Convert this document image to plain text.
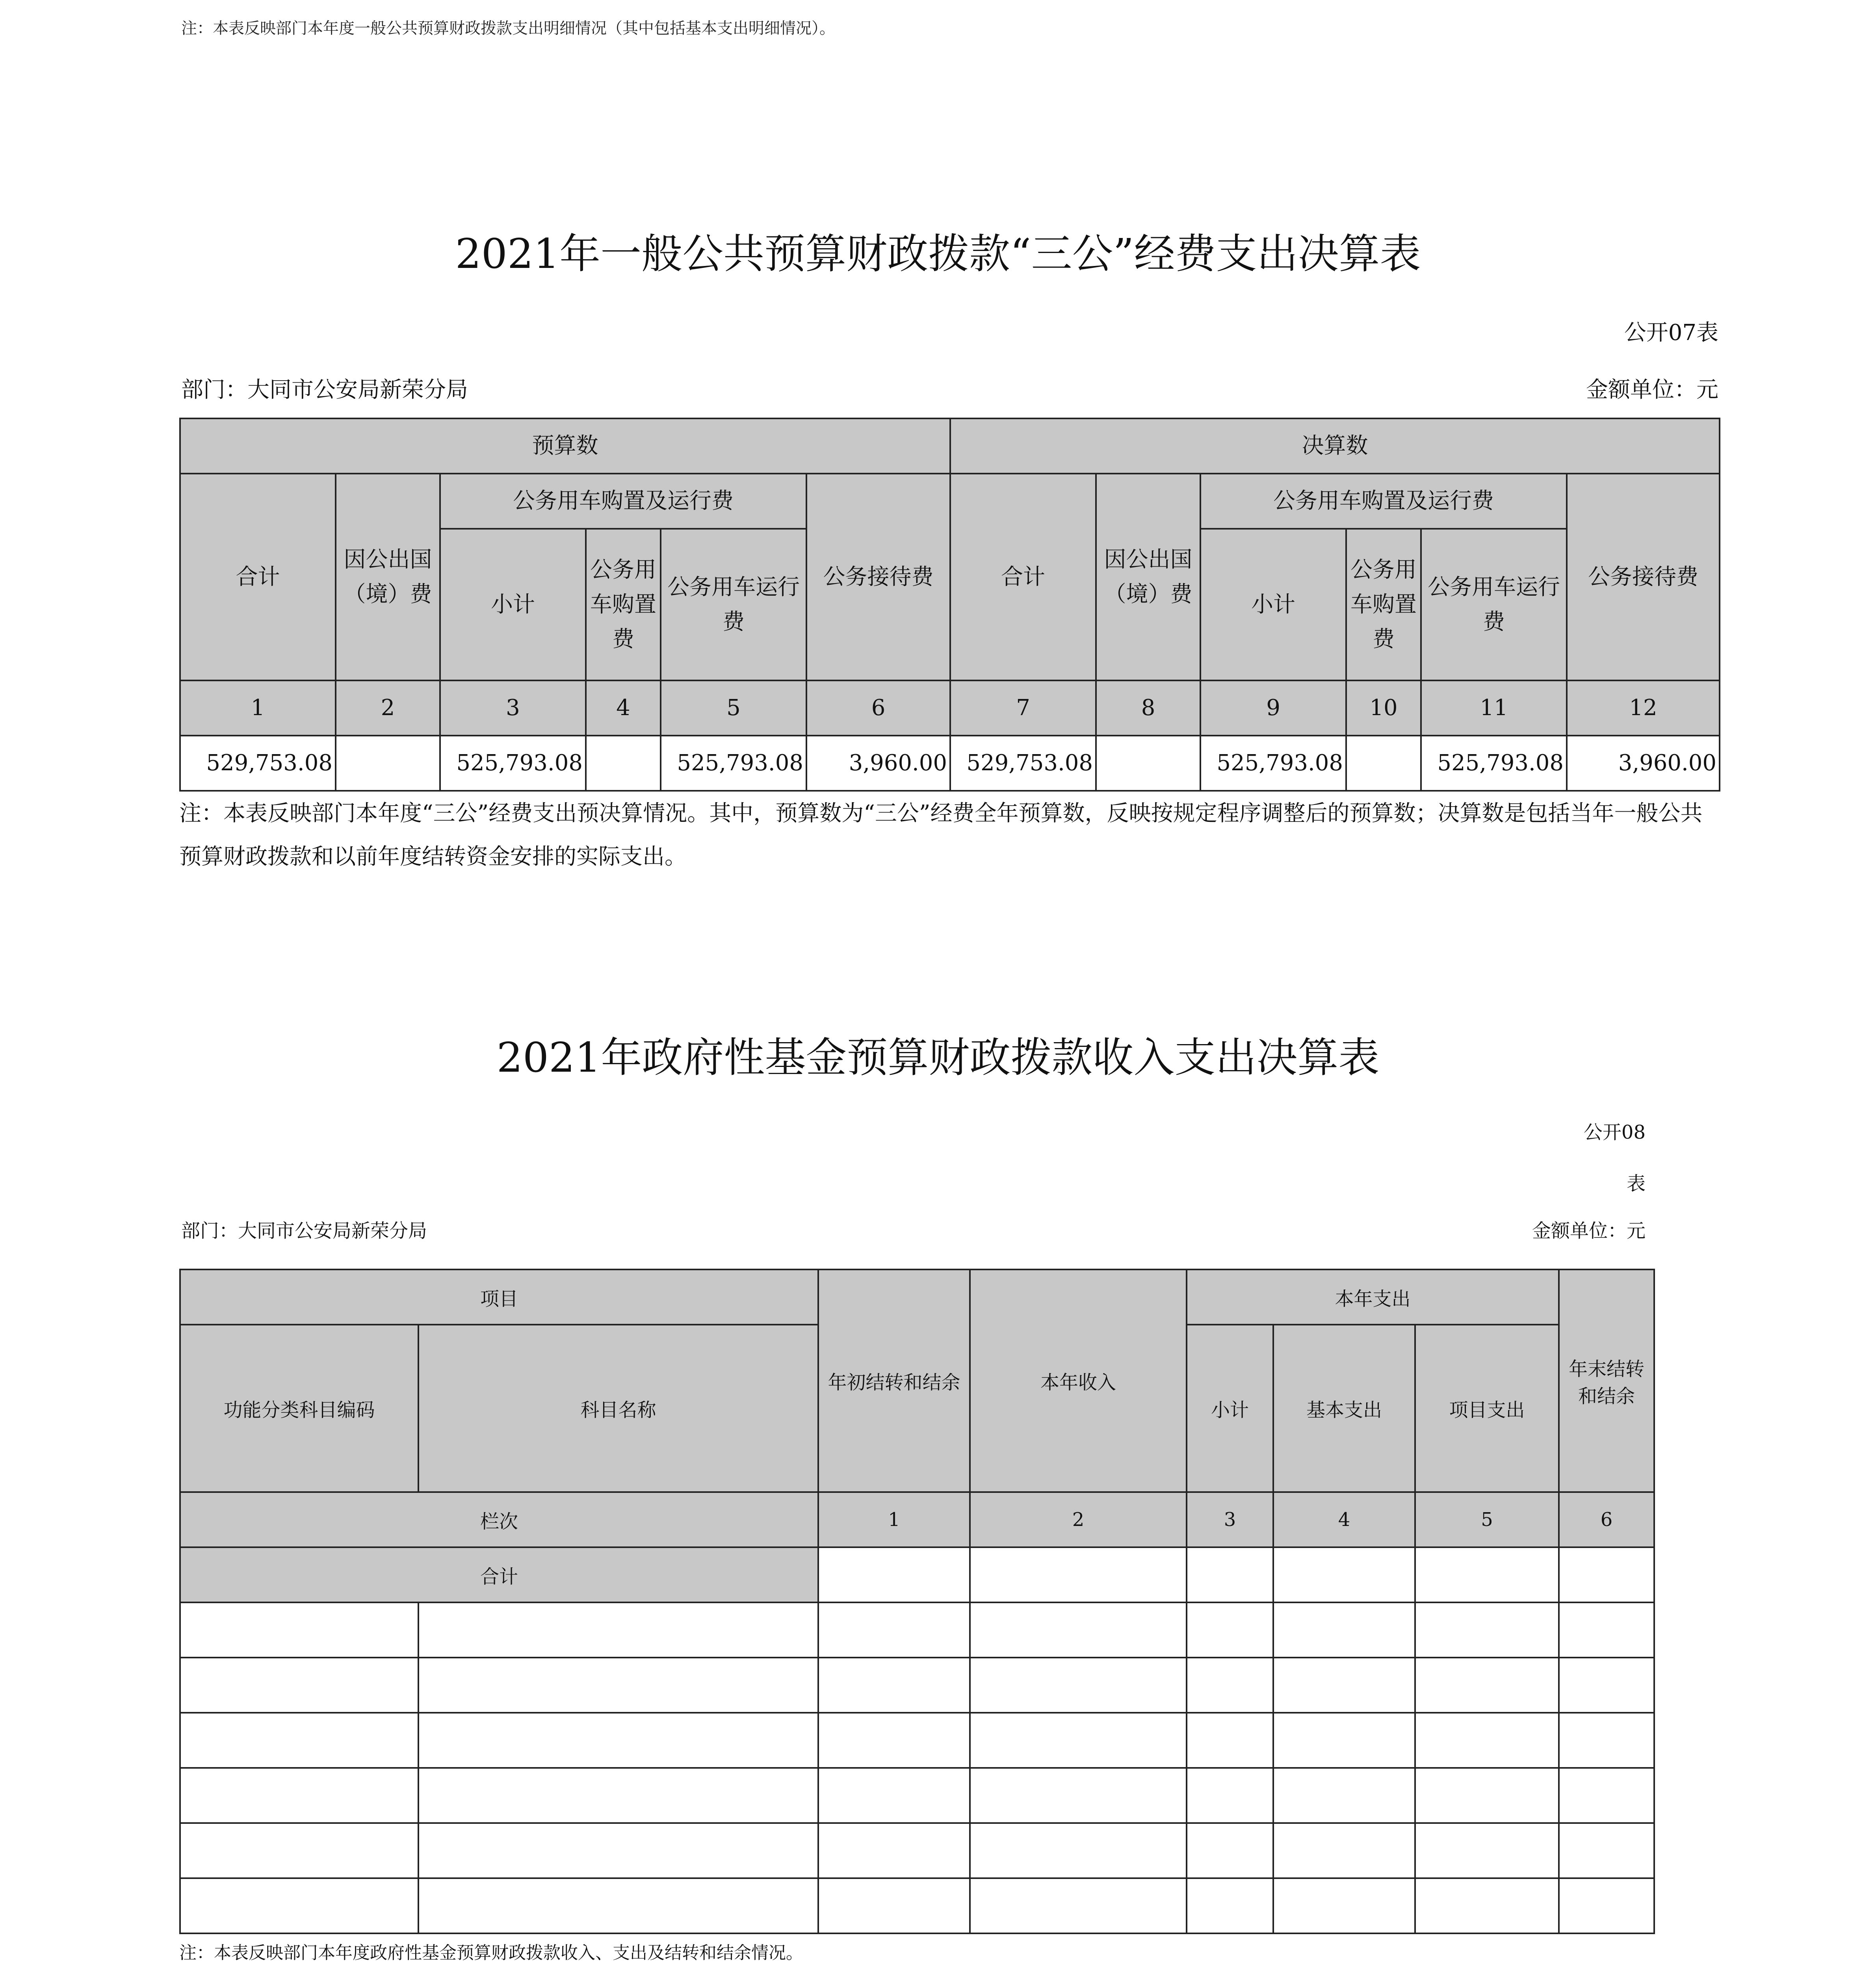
注：本表反映部门本年度一般公共预算财政拨款支出明细情况（其中包括基本支出明细情况）。
2021年一般公共预算财政拨款“三公”经费支出决算表
公开07表
部门：大同市公安局新荣分局	金额单位：元
预算数						决算数					
合计	因公出国（境）费	公务用车购置及运行费			公务接待费	合计	因公出国（境）费	公务用车购置及运行费			公务接待费
		小计	公务用车购置费	公务用车运行费				小计	公务用车购置费	公务用车运行费	
1	2	3	4	5	6	7	8	9	10	11	12
529,753.08		525,793.08		525,793.08	3,960.00	529,753.08		525,793.08		525,793.08	3,960.00
注：本表反映部门本年度“三公”经费支出预决算情况。其中，预算数为“三公”经费全年预算数，反映按规定程序调整后的预算数；决算数是包括当年一般公共预算财政拨款和以前年度结转资金安排的实际支出。
2021年政府性基金预算财政拨款收入支出决算表
公开08
表
部门：大同市公安局新荣分局	金额单位：元
项目		年初结转和结余	本年收入	本年支出			年末结转和结余
功能分类科目编码	科目名称			小计	基本支出	项目支出	
栏次		1	2	3	4	5	6
合计							

注：本表反映部门本年度政府性基金预算财政拨款收入、支出及结转和结余情况。
